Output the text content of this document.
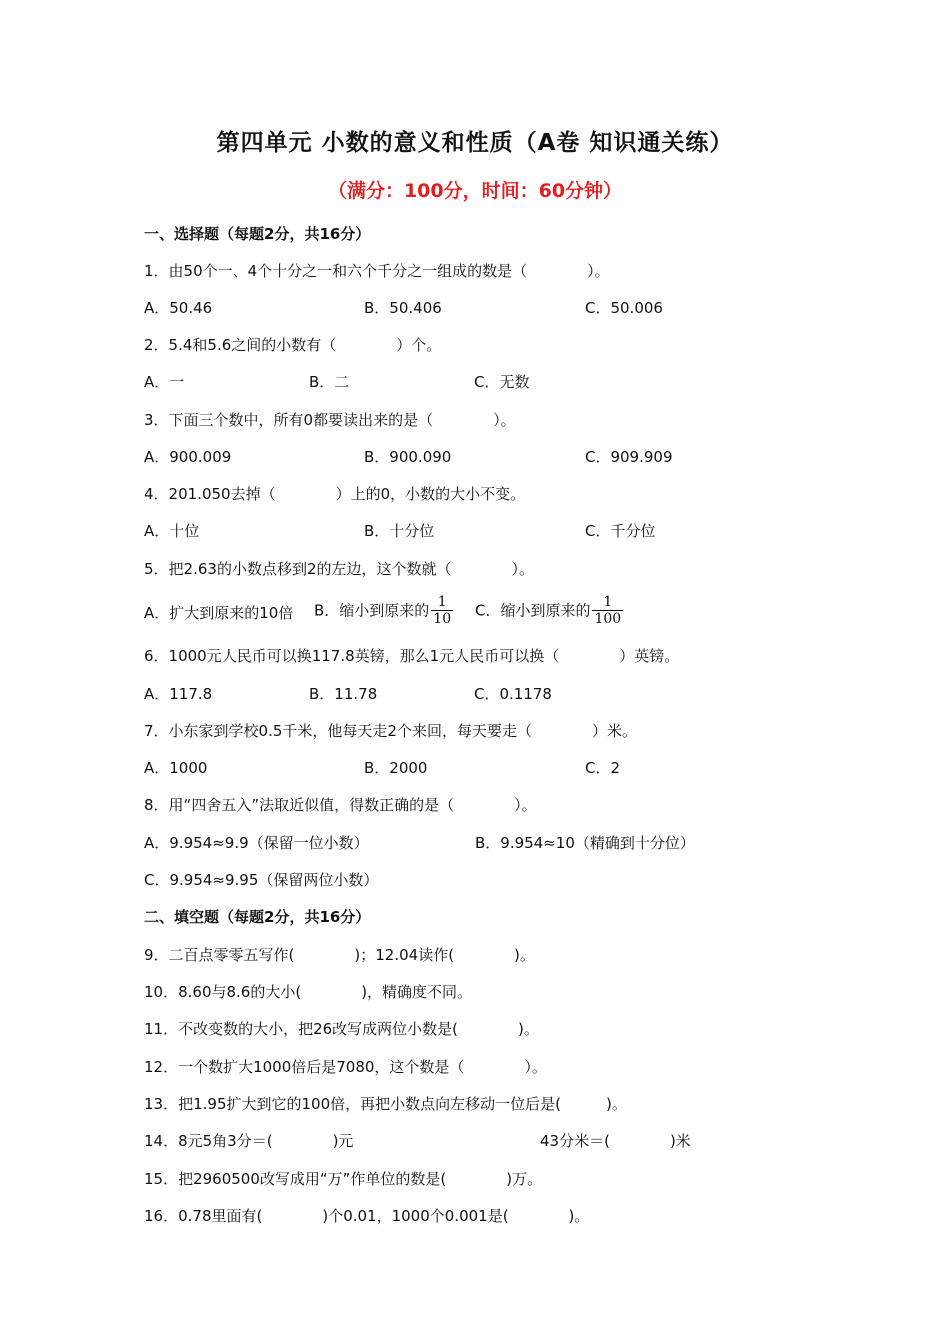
第四单元 小数的意义和性质（A卷 知识通关练）
（满分：100分，时间：60分钟）
一、选择题（每题2分，共16分）
1．由50个一、4个十分之一和六个千分之一组成的数是（　　　　）。
A．50.46	B．50.406	C．50.006
2．5.4和5.6之间的小数有（　　　　）个。
A．一	B．二	C．无数
3．下面三个数中，所有0都要读出来的是（　　　　）。
A．900.009	B．900.090	C．909.909
4．201.050去掉（　　　　）上的0，小数的大小不变。
A．十位	B．十分位	C．千分位
5．把2.63的小数点移到2的左边，这个数就（　　　　）。
A．扩大到原来的10倍 B．缩小到原来的 $\frac{1}{10}$ C．缩小到原来的 $\frac{1}{100}$
6．1000元人民币可以换117.8英镑，那么1元人民币可以换（　　　　）英镑。
A．117.8	B．11.78	C．0.1178
7．小东家到学校0.5千米，他每天走2个来回，每天要走（　　　　）米。
A．1000	B．2000	C．2
8．用“四舍五入”法取近似值，得数正确的是（　　　　）。
A．9.954≈9.9（保留一位小数）	B．9.954≈10（精确到十分位）
C．9.954≈9.95（保留两位小数）
二、填空题（每题2分，共16分）
9．二百点零零五写作(　　　　)；12.04读作(　　　　)。
10．8.60与8.6的大小(　　　　)，精确度不同。
11．不改变数的大小，把26改写成两位小数是(　　　　)。
12．一个数扩大1000倍后是7080，这个数是（　　　　）。
13．把1.95扩大到它的100倍，再把小数点向左移动一位后是(　　　)。
14．8元5角3分＝(　　　　)元	43分米＝(　　　　)米
15．把2960500改写成用“万”作单位的数是(　　　　)万。
16．0.78里面有(　　　　)个0.01，1000个0.001是(　　　　)。
